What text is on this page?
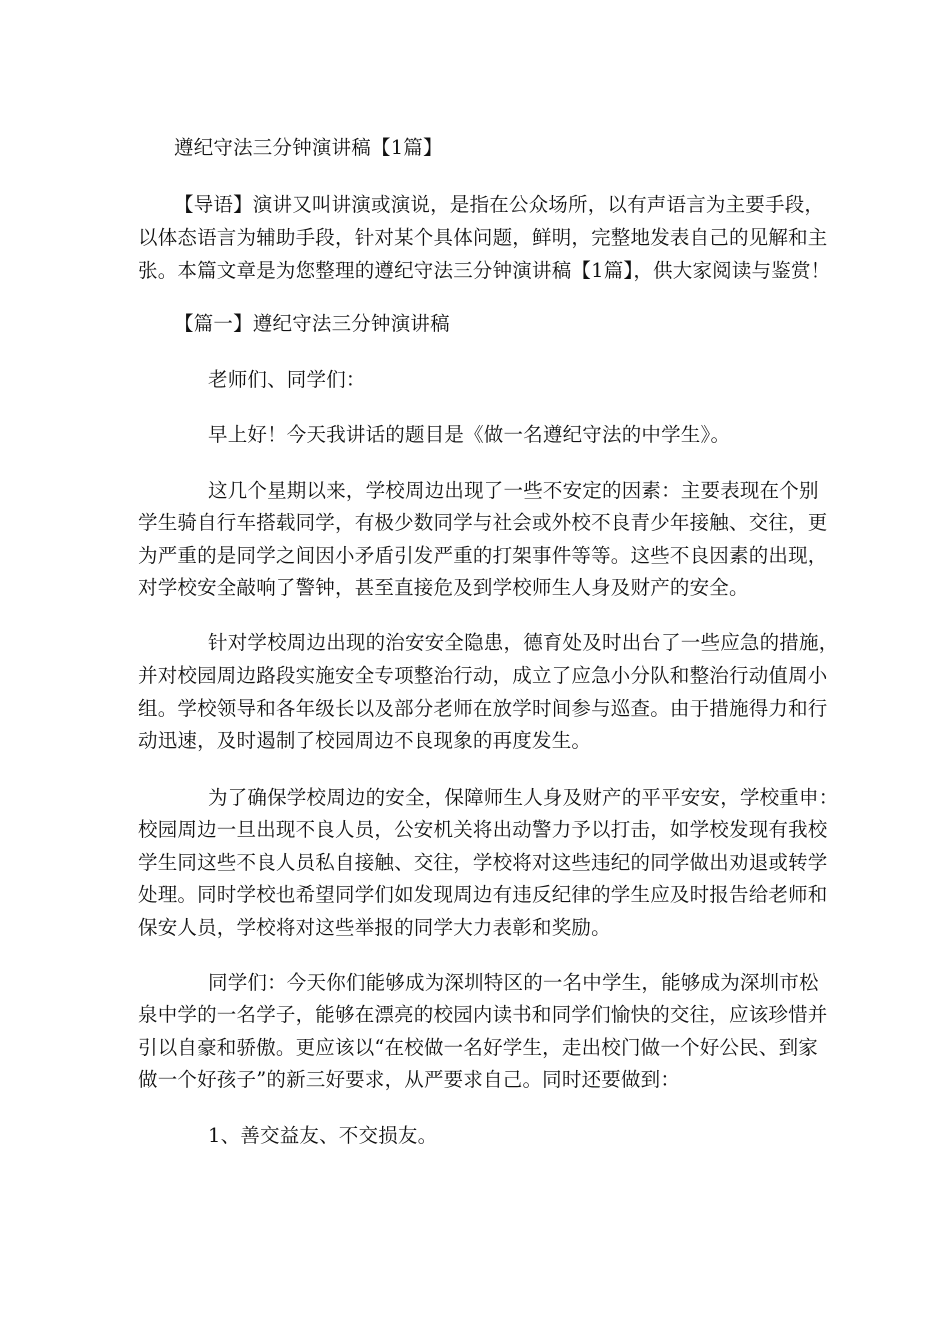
遵纪守法三分钟演讲稿【1篇】
【导语】演讲又叫讲演或演说，是指在公众场所，以有声语言为主要手段，
以体态语言为辅助手段，针对某个具体问题，鲜明，完整地发表自己的见解和主
张。本篇文章是为您整理的遵纪守法三分钟演讲稿【1篇】，供大家阅读与鉴赏！
【篇一】遵纪守法三分钟演讲稿
老师们、同学们：
早上好！今天我讲话的题目是《做一名遵纪守法的中学生》。
这几个星期以来，学校周边出现了一些不安定的因素：主要表现在个别
学生骑自行车搭载同学，有极少数同学与社会或外校不良青少年接触、交往，更
为严重的是同学之间因小矛盾引发严重的打架事件等等。这些不良因素的出现，
对学校安全敲响了警钟，甚至直接危及到学校师生人身及财产的安全。
针对学校周边出现的治安安全隐患，德育处及时出台了一些应急的措施，
并对校园周边路段实施安全专项整治行动，成立了应急小分队和整治行动值周小
组。学校领导和各年级长以及部分老师在放学时间参与巡查。由于措施得力和行
动迅速，及时遏制了校园周边不良现象的再度发生。
为了确保学校周边的安全，保障师生人身及财产的平平安安，学校重申：
校园周边一旦出现不良人员，公安机关将出动警力予以打击，如学校发现有我校
学生同这些不良人员私自接触、交往，学校将对这些违纪的同学做出劝退或转学
处理。同时学校也希望同学们如发现周边有违反纪律的学生应及时报告给老师和
保安人员，学校将对这些举报的同学大力表彰和奖励。
同学们：今天你们能够成为深圳特区的一名中学生，能够成为深圳市松
泉中学的一名学子，能够在漂亮的校园内读书和同学们愉快的交往，应该珍惜并
引以自豪和骄傲。更应该以“在校做一名好学生，走出校门做一个好公民、到家
做一个好孩子”的新三好要求，从严要求自己。同时还要做到：
1、善交益友、不交损友。
